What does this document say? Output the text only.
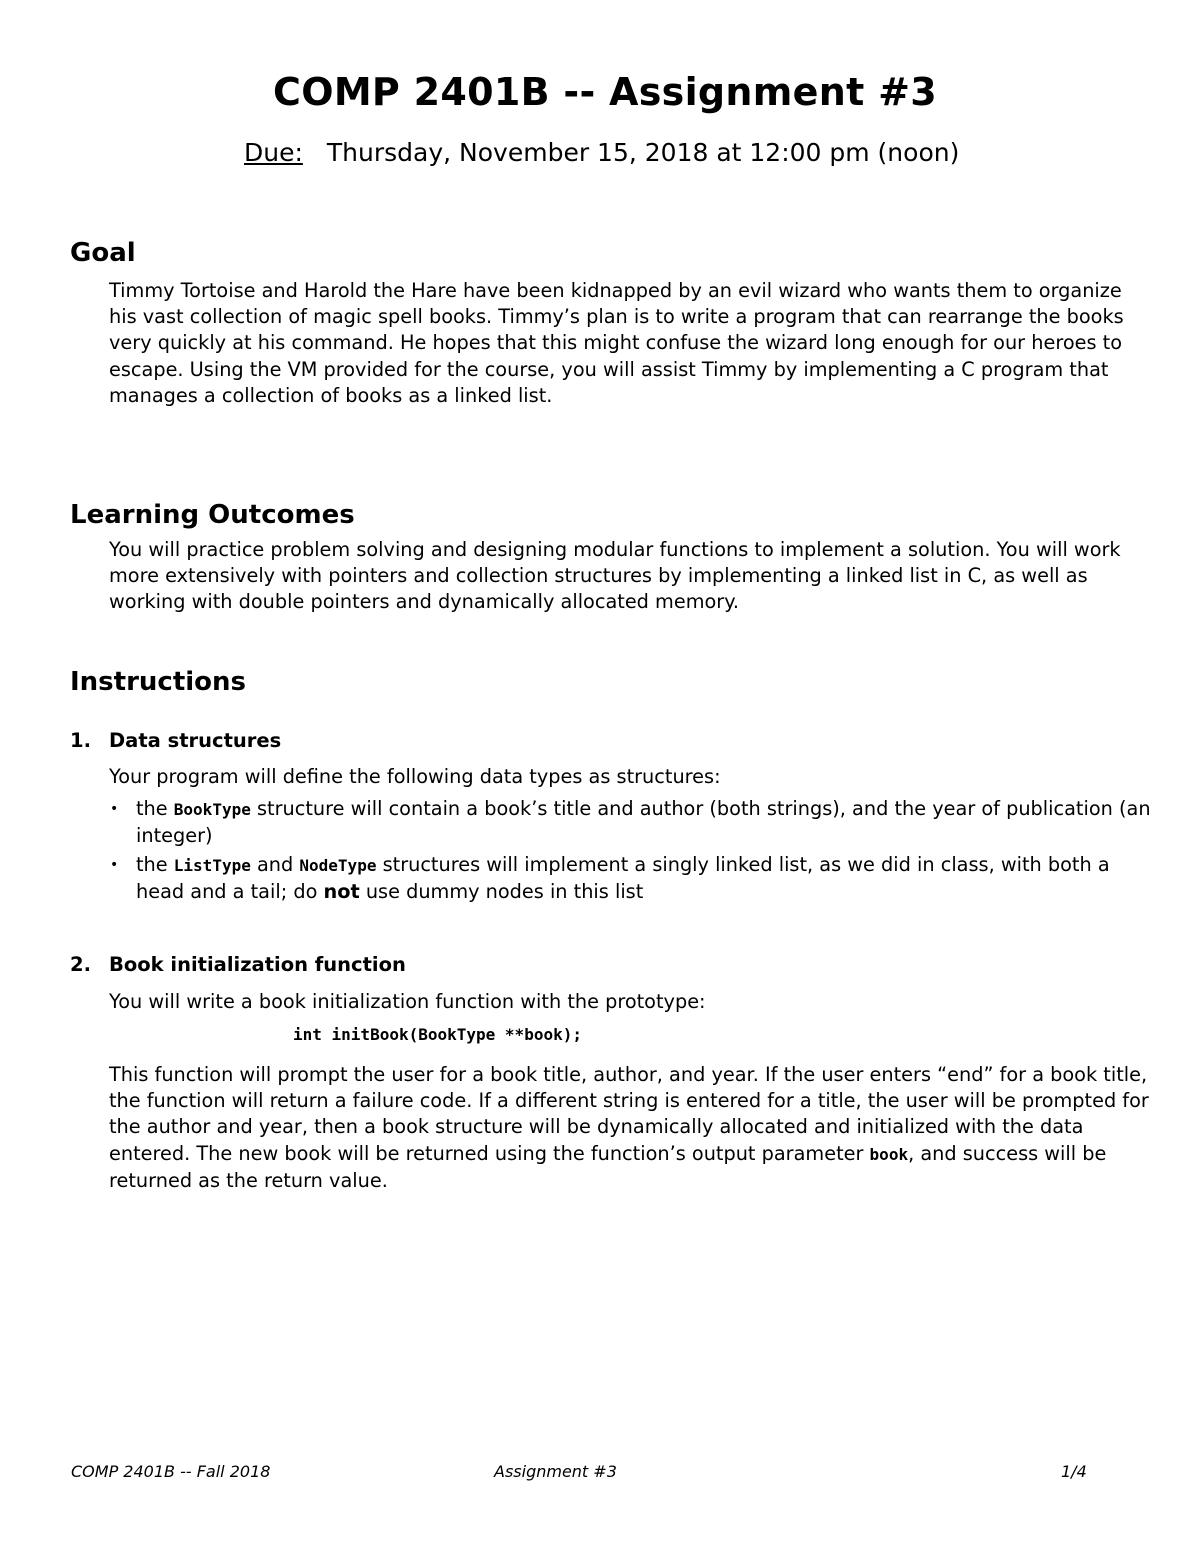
COMP 2401B -- Assignment #3
Due: Thursday, November 15, 2018 at 12:00 pm (noon)
Goal

Timmy Tortoise and Harold the Hare have been kidnapped by an evil wizard who wants them to organize his vast collection of magic spell books. Timmy’s plan is to write a program that can rearrange the books very quickly at his command. He hopes that this might confuse the wizard long enough for our heroes to escape. Using the VM provided for the course, you will assist Timmy by implementing a C program that manages a collection of books as a linked list.

Learning Outcomes

You will practice problem solving and designing modular functions to implement a solution. You will work more extensively with pointers and collection structures by implementing a linked list in C, as well as working with double pointers and dynamically allocated memory.

Instructions
1. Data structures

Your program will define the following data types as structures:

• the BookType structure will contain a book’s title and author (both strings), and the year of publication (an integer)
• the ListType and NodeType structures will implement a singly linked list, as we did in class, with both a head and a tail; do not use dummy nodes in this list
2. Book initialization function

You will write a book initialization function with the prototype:

int initBook(BookType **book);

This function will prompt the user for a book title, author, and year. If the user enters “end” for a book title, the function will return a failure code. If a different string is entered for a title, the user will be prompted for the author and year, then a book structure will be dynamically allocated and initialized with the data entered. The new book will be returned using the function’s output parameter book, and success will be returned as the return value.

COMP 2401B -- Fall 2018	Assignment #3	1/4
